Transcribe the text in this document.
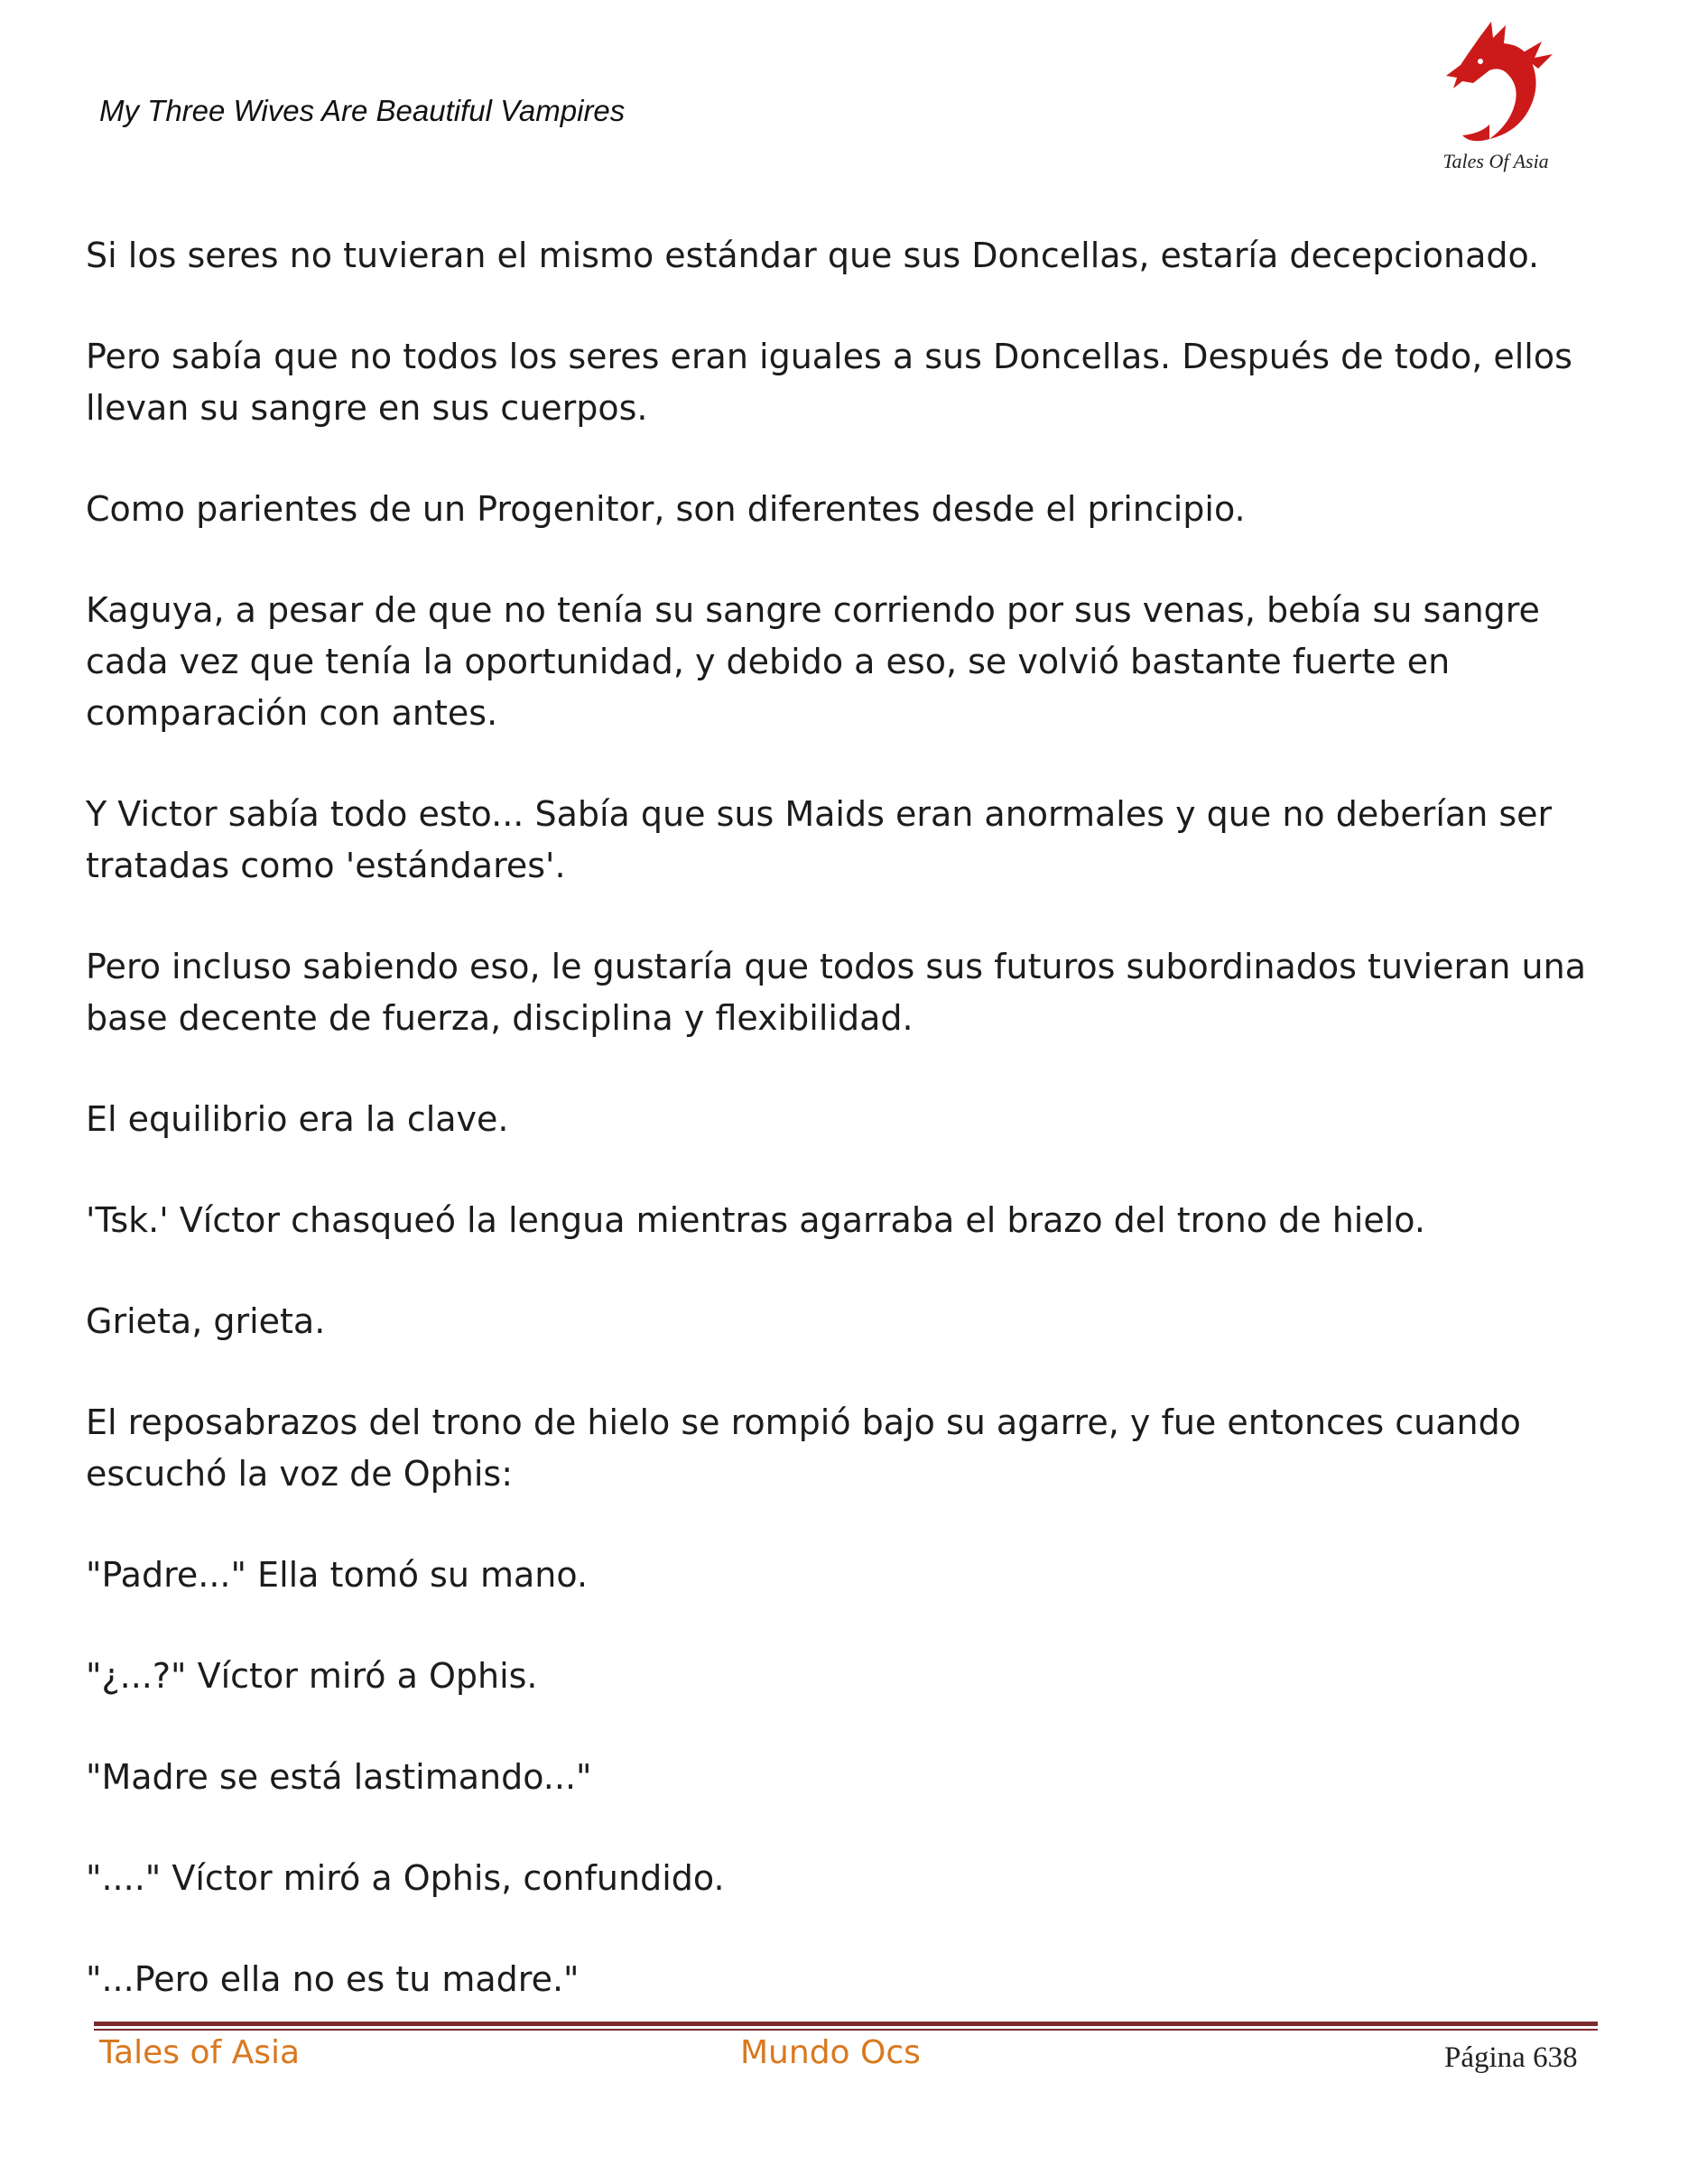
My Three Wives Are Beautiful Vampires
Tales Of Asia

Si los seres no tuvieran el mismo estándar que sus Doncellas, estaría decepcionado.

Pero sabía que no todos los seres eran iguales a sus Doncellas. Después de todo, ellos llevan su sangre en sus cuerpos.

Como parientes de un Progenitor, son diferentes desde el principio.

Kaguya, a pesar de que no tenía su sangre corriendo por sus venas, bebía su sangre cada vez que tenía la oportunidad, y debido a eso, se volvió bastante fuerte en comparación con antes.

Y Victor sabía todo esto... Sabía que sus Maids eran anormales y que no deberían ser tratadas como 'estándares'.

Pero incluso sabiendo eso, le gustaría que todos sus futuros subordinados tuvieran una base decente de fuerza, disciplina y flexibilidad.

El equilibrio era la clave.

'Tsk.' Víctor chasqueó la lengua mientras agarraba el brazo del trono de hielo.

Grieta, grieta.

El reposabrazos del trono de hielo se rompió bajo su agarre, y fue entonces cuando escuchó la voz de Ophis:

"Padre..." Ella tomó su mano.

"¿...?" Víctor miró a Ophis.

"Madre se está lastimando..."

"...." Víctor miró a Ophis, confundido.

"...Pero ella no es tu madre."

Tales of Asia	Mundo Ocs	Página 638
